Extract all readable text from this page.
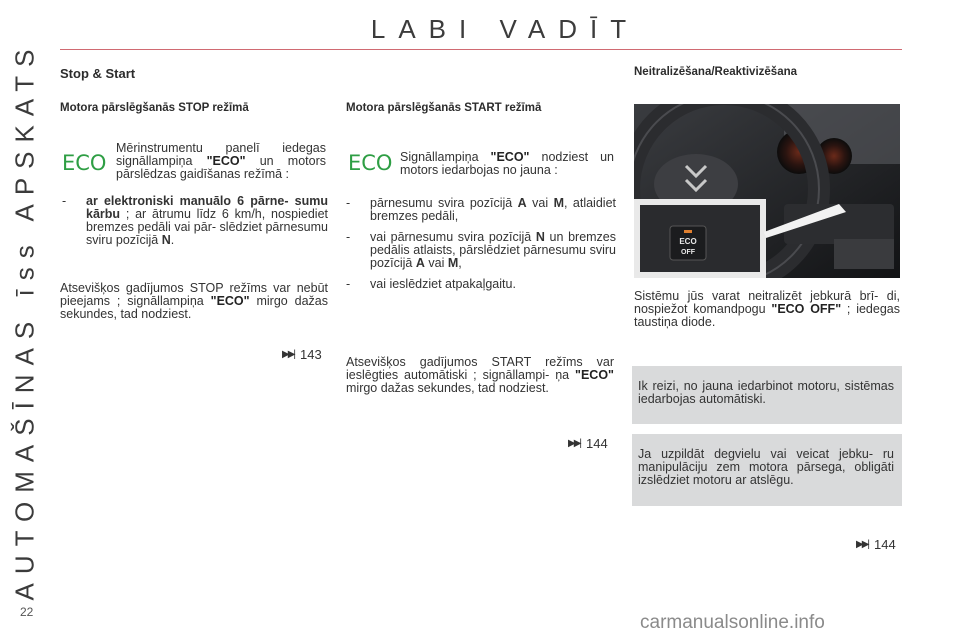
AUTOMAŠĪNAS īss APSKATS
22
LABI VADĪT
Stop & Start
Motora pārslēgšanās STOP režīmā
ECO
Mērinstrumentu panelī iedegas signāllampiņa "ECO" un motors pārslēdzas gaidīšanas režīmā :
- ar elektroniski manuālo 6 pārne- sumu kārbu ; ar ātrumu līdz 6 km/h, nospiediet bremzes pedāli vai pār- slēdziet pārnesumu sviru pozīcijā N.
Atsevišķos gadījumos STOP režīms var nebūt pieejams ; signāllampiņa "ECO" mirgo dažas sekundes, tad nodziest.
▶▶| 143
Motora pārslēgšanās START režīmā
ECO Signāllampiņa "ECO" nodziest un motors iedarbojas no jauna :
- pārnesumu svira pozīcijā A vai M, atlaidiet bremzes pedāli,
- vai pārnesumu svira pozīcijā N un bremzes pedālis atlaists, pārslēdziet pārnesumu sviru pozīcijā A vai M,
- vai ieslēdziet atpakaļgaitu.
Atsevišķos gadījumos START režīms var ieslēgties automātiski ; signāllampi- ņa "ECO" mirgo dažas sekundes, tad nodziest.
▶▶| 144
Neitralizēšana/Reaktivizēšana
ECO
OFF
Sistēmu jūs varat neitralizēt jebkurā brī- di, nospiežot komandpogu "ECO OFF" ; iedegas taustiņa diode.
Ik reizi, no jauna iedarbinot motoru, sistēmas iedarbojas automātiski.
Ja uzpildāt degvielu vai veicat jebku- ru manipulāciju zem motora pārsega, obligāti izslēdziet motoru ar atslēgu.
▶▶| 144
carmanualsonline.info
